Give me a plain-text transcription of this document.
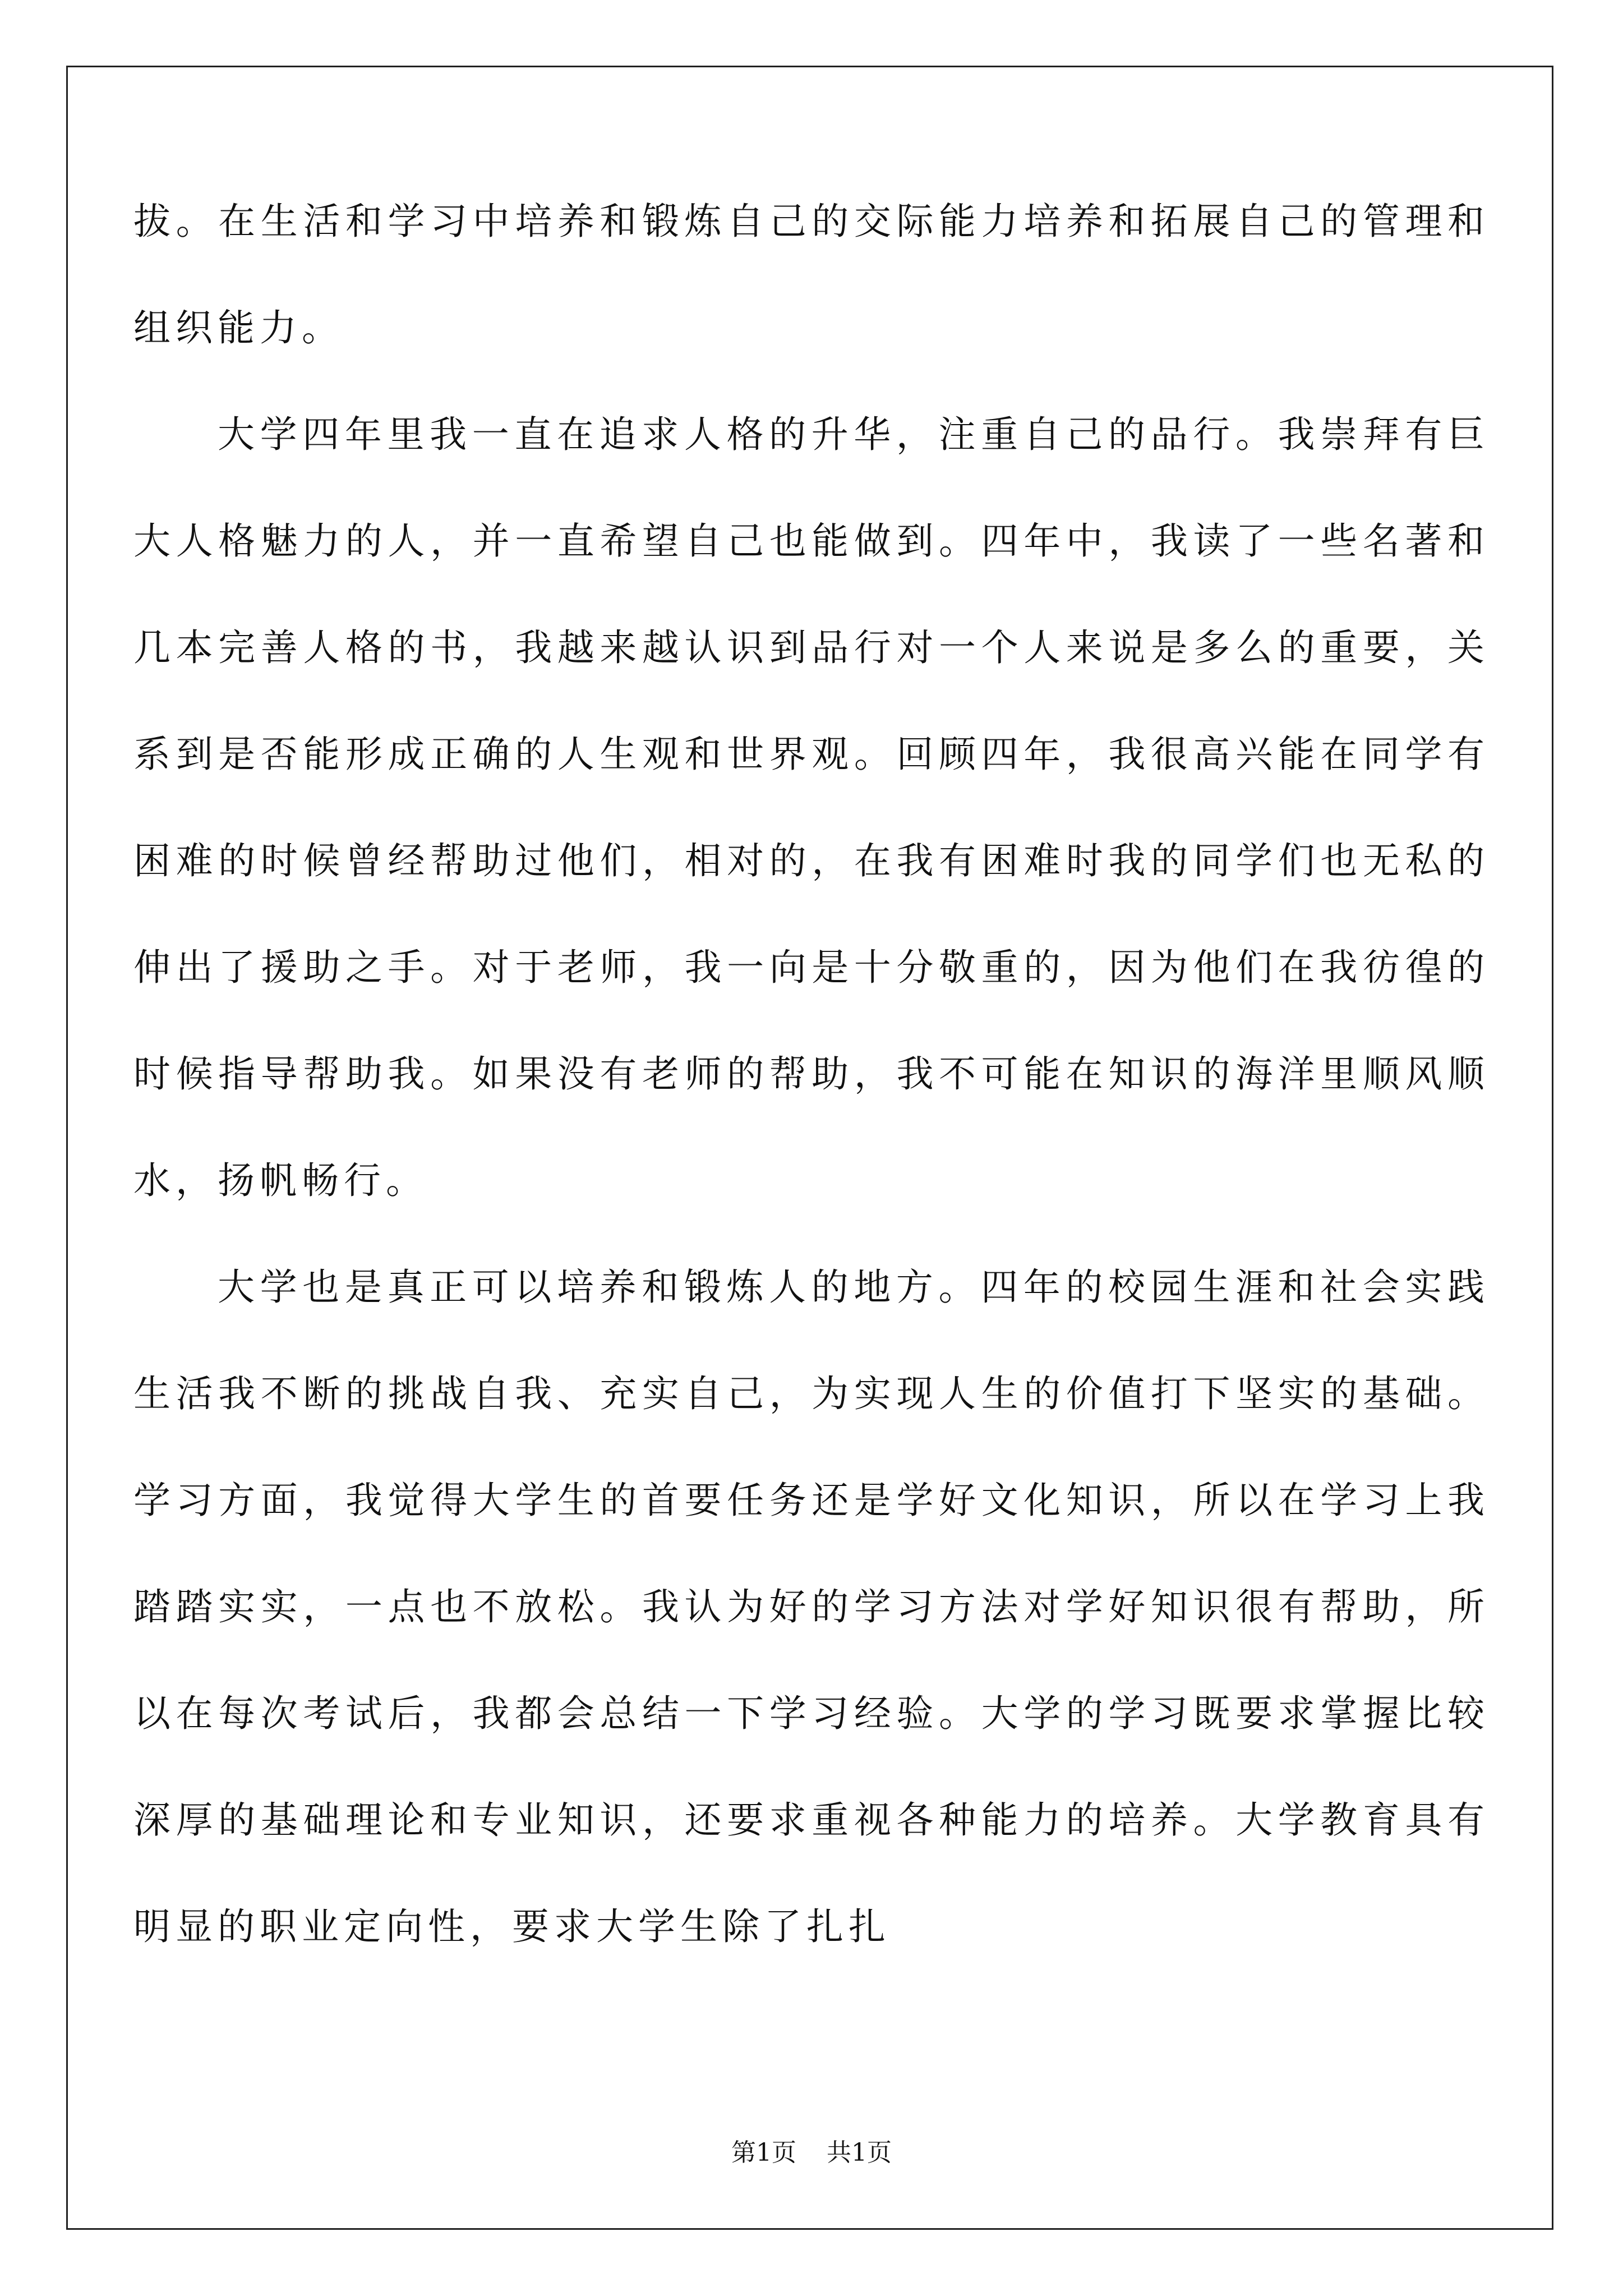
拔。在生活和学习中培养和锻炼自己的交际能力培养和拓展自己的管理和组织能力。

大学四年里我一直在追求人格的升华，注重自己的品行。我崇拜有巨大人格魅力的人，并一直希望自己也能做到。四年中，我读了一些名著和几本完善人格的书，我越来越认识到品行对一个人来说是多么的重要，关系到是否能形成正确的人生观和世界观。回顾四年，我很高兴能在同学有困难的时候曾经帮助过他们，相对的，在我有困难时我的同学们也无私的伸出了援助之手。对于老师，我一向是十分敬重的，因为他们在我彷徨的时候指导帮助我。如果没有老师的帮助，我不可能在知识的海洋里顺风顺水，扬帆畅行。

大学也是真正可以培养和锻炼人的地方。四年的校园生涯和社会实践生活我不断的挑战自我、充实自己，为实现人生的价值打下坚实的基础。学习方面，我觉得大学生的首要任务还是学好文化知识，所以在学习上我踏踏实实，一点也不放松。我认为好的学习方法对学好知识很有帮助，所以在每次考试后，我都会总结一下学习经验。大学的学习既要求掌握比较深厚的基础理论和专业知识，还要求重视各种能力的培养。大学教育具有明显的职业定向性，要求大学生除了扎扎

第1页 共1页
